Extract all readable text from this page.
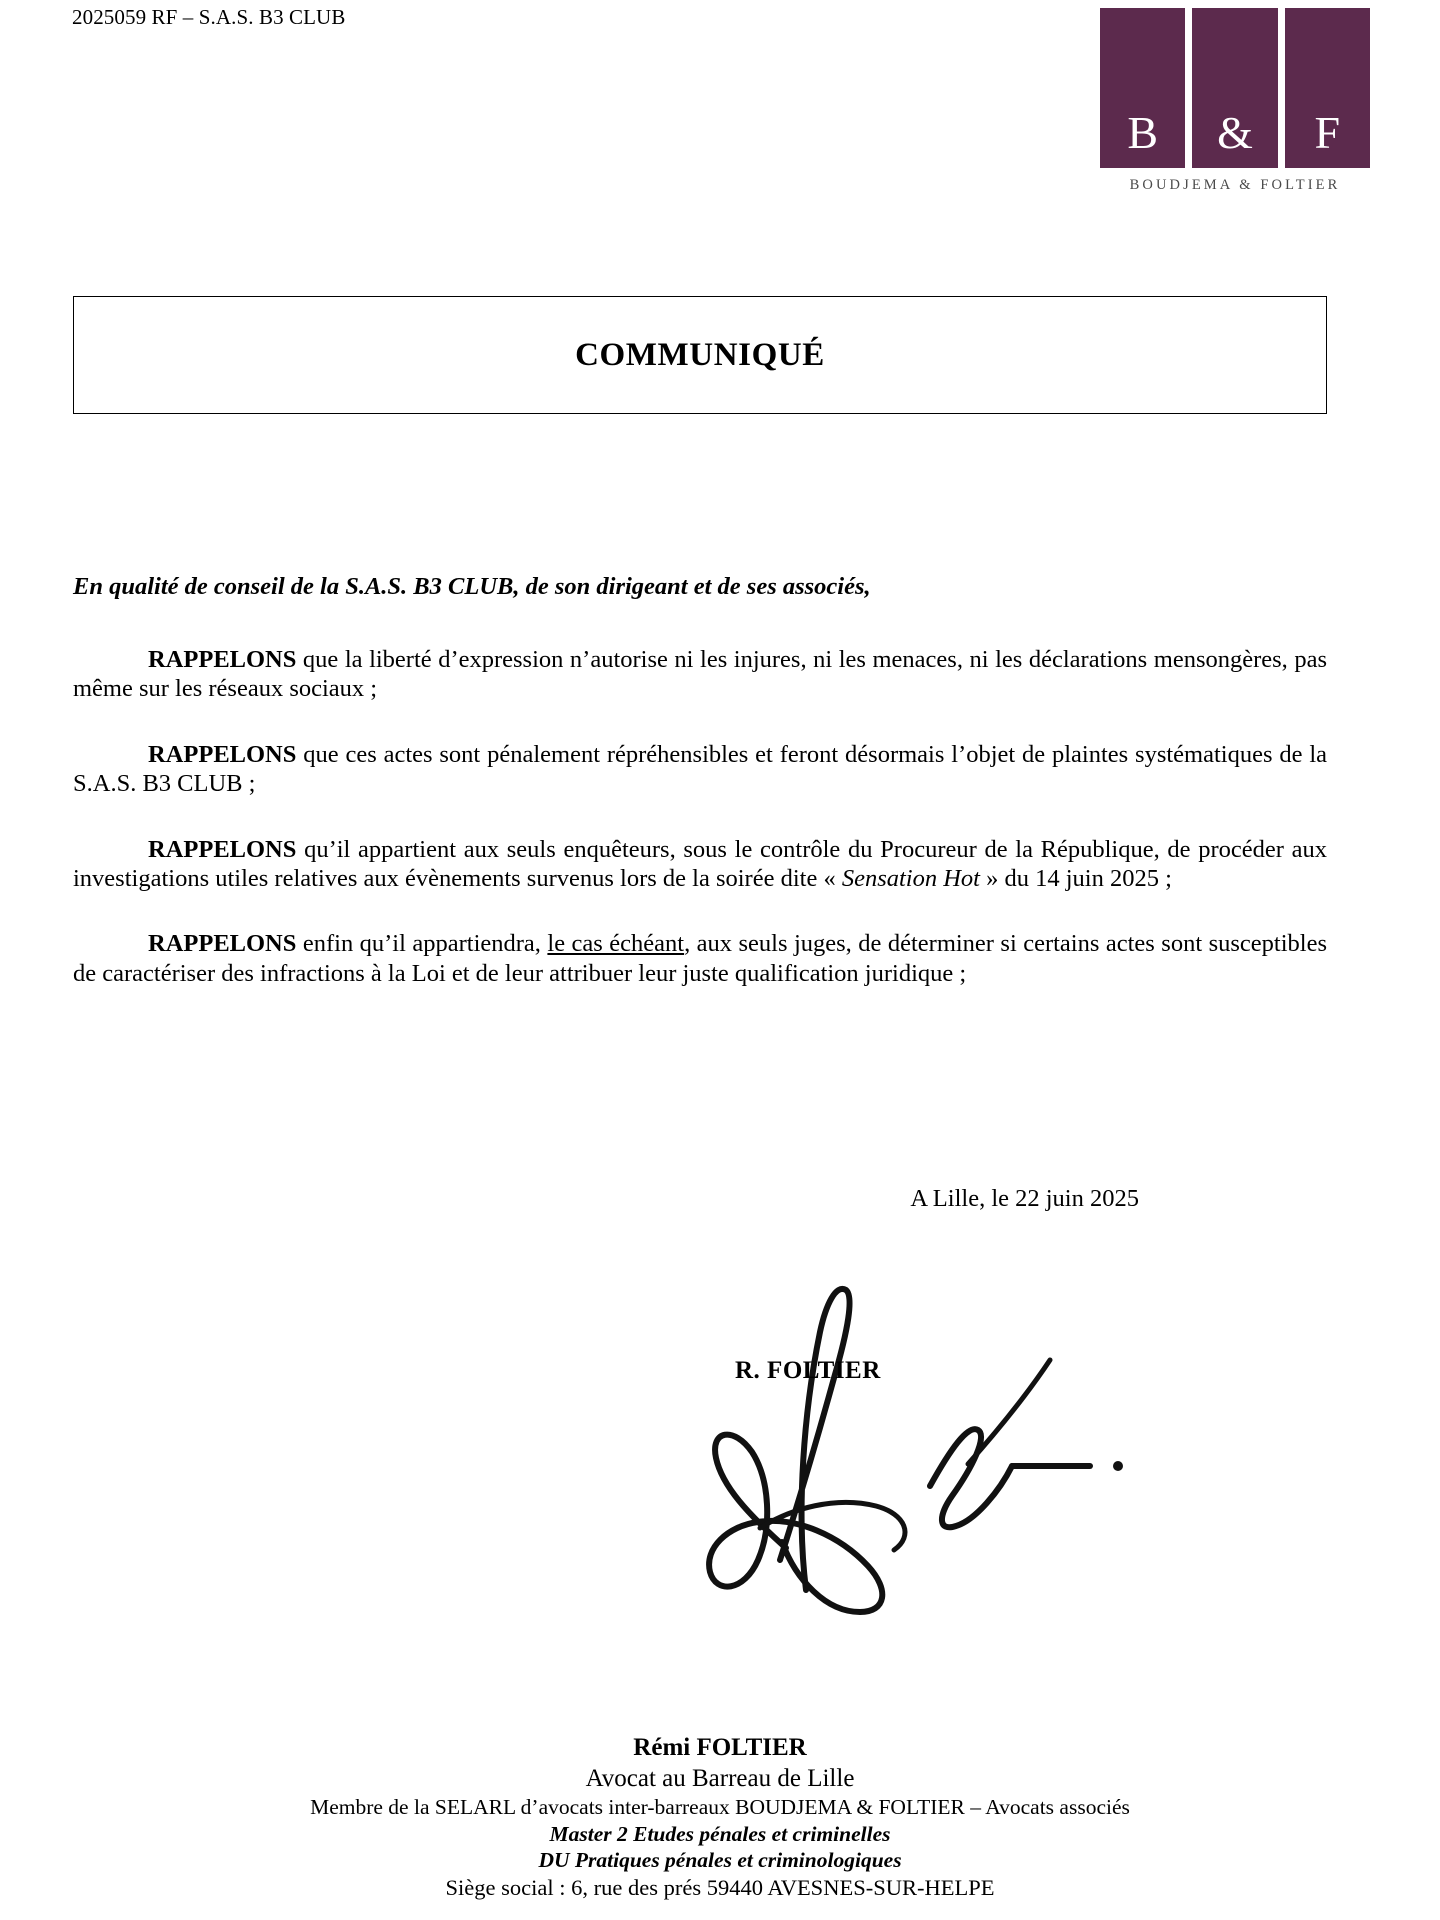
2025059 RF – S.A.S. B3 CLUB
B	&	F
BOUDJEMA & FOLTIER
COMMUNIQUÉ
En qualité de conseil de la S.A.S. B3 CLUB, de son dirigeant et de ses associés,

RAPPELONS que la liberté d’expression n’autorise ni les injures, ni les menaces, ni les déclarations mensongères, pas même sur les réseaux sociaux ;

RAPPELONS que ces actes sont pénalement répréhensibles et feront désormais l’objet de plaintes systématiques de la S.A.S. B3 CLUB ;

RAPPELONS qu’il appartient aux seuls enquêteurs, sous le contrôle du Procureur de la République, de procéder aux investigations utiles relatives aux évènements survenus lors de la soirée dite « Sensation Hot » du 14 juin 2025 ;

RAPPELONS enfin qu’il appartiendra, le cas échéant, aux seuls juges, de déterminer si certains actes sont susceptibles de caractériser des infractions à la Loi et de leur attribuer leur juste qualification juridique ;

A Lille, le 22 juin 2025
R. FOLTIER
Rémi FOLTIER
Avocat au Barreau de Lille
Membre de la SELARL d’avocats inter-barreaux BOUDJEMA & FOLTIER – Avocats associés
Master 2 Etudes pénales et criminelles
DU Pratiques pénales et criminologiques
Siège social : 6, rue des prés 59440 AVESNES-SUR-HELPE
